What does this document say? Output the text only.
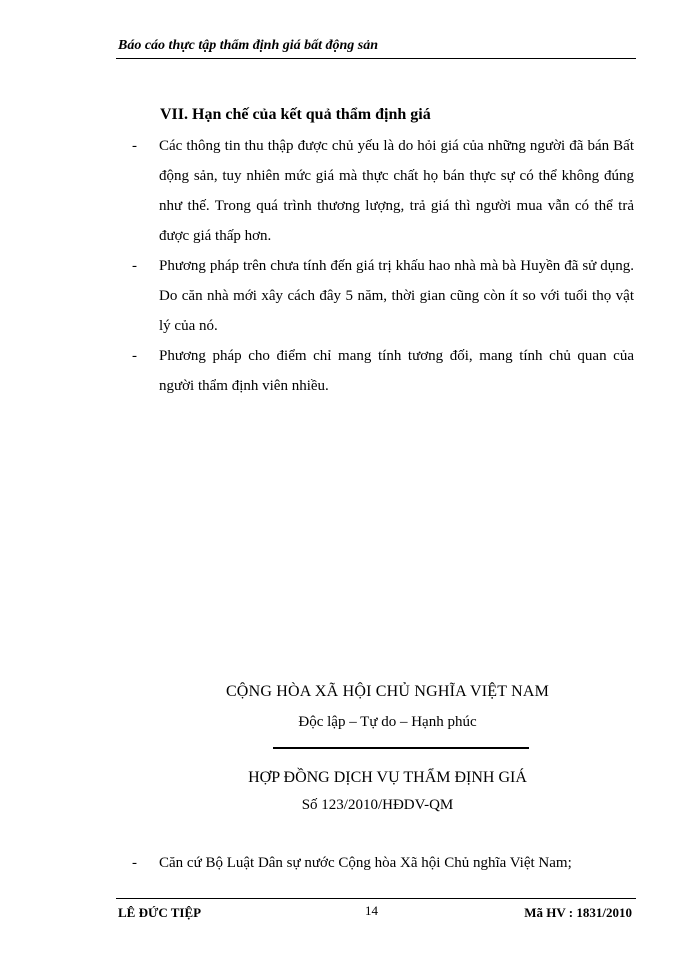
Báo cáo thực tập thẩm định giá bất động sản
VII. Hạn chế của kết quả thẩm định giá
- Các thông tin thu thập được chủ yếu là do hỏi giá của những người đã bán Bất động sản, tuy nhiên mức giá mà thực chất họ bán thực sự có thể không đúng như thế. Trong quá trình thương lượng, trả giá thì người mua vẫn có thể trả được giá thấp hơn.
- Phương pháp trên chưa tính đến giá trị khấu hao nhà mà bà Huyền đã sử dụng. Do căn nhà mới xây cách đây 5 năm, thời gian cũng còn ít so với tuổi thọ vật lý của nó.
- Phương pháp cho điểm chỉ mang tính tương đối, mang tính chủ quan của người thẩm định viên nhiều.
CỘNG HÒA XÃ HỘI CHỦ NGHĨA VIỆT NAM
Độc lập – Tự do – Hạnh phúc
HỢP ĐỒNG DỊCH VỤ THẨM ĐỊNH GIÁ
Số 123/2010/HĐDV-QM
- Căn cứ Bộ Luật Dân sự nước Cộng hòa Xã hội Chủ nghĩa Việt Nam;
LÊ ĐỨC TIỆP	14	Mã HV : 1831/2010
